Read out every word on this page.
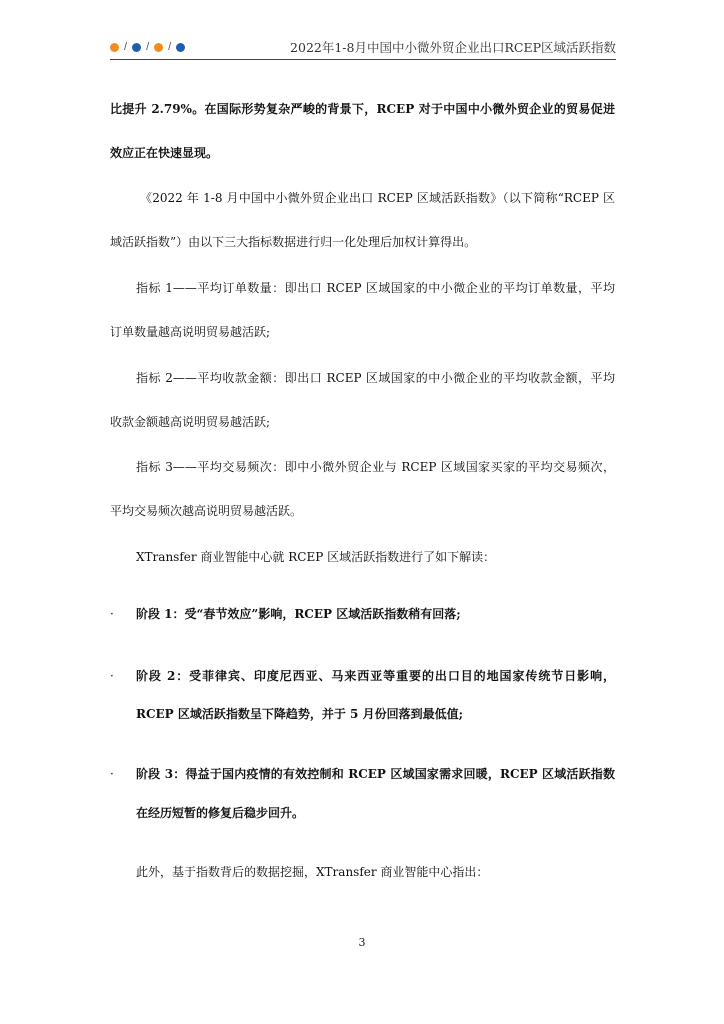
/ / /	2022年1-8月中国中小微外贸企业出口RCEP区域活跃指数
比提升 2.79%。在国际形势复杂严峻的背景下，RCEP 对于中国中小微外贸企业的贸易促进
效应正在快速显现。
《2022 年 1-8 月中国中小微外贸企业出口 RCEP 区域活跃指数》（以下简称“RCEP 区
域活跃指数”）由以下三大指标数据进行归一化处理后加权计算得出。
指标 1——平均订单数量：即出口 RCEP 区域国家的中小微企业的平均订单数量，平均
订单数量越高说明贸易越活跃;
指标 2——平均收款金额：即出口 RCEP 区域国家的中小微企业的平均收款金额，平均
收款金额越高说明贸易越活跃;
指标 3——平均交易频次：即中小微外贸企业与 RCEP 区域国家买家的平均交易频次，
平均交易频次越高说明贸易越活跃。
XTransfer 商业智能中心就 RCEP 区域活跃指数进行了如下解读：
· 阶段 1：受“春节效应”影响，RCEP 区域活跃指数稍有回落;
· 阶段 2：受菲律宾、印度尼西亚、马来西亚等重要的出口目的地国家传统节日影响，
RCEP 区域活跃指数呈下降趋势，并于 5 月份回落到最低值;
· 阶段 3：得益于国内疫情的有效控制和 RCEP 区域国家需求回暖，RCEP 区域活跃指数
在经历短暂的修复后稳步回升。
此外，基于指数背后的数据挖掘，XTransfer 商业智能中心指出：
3
